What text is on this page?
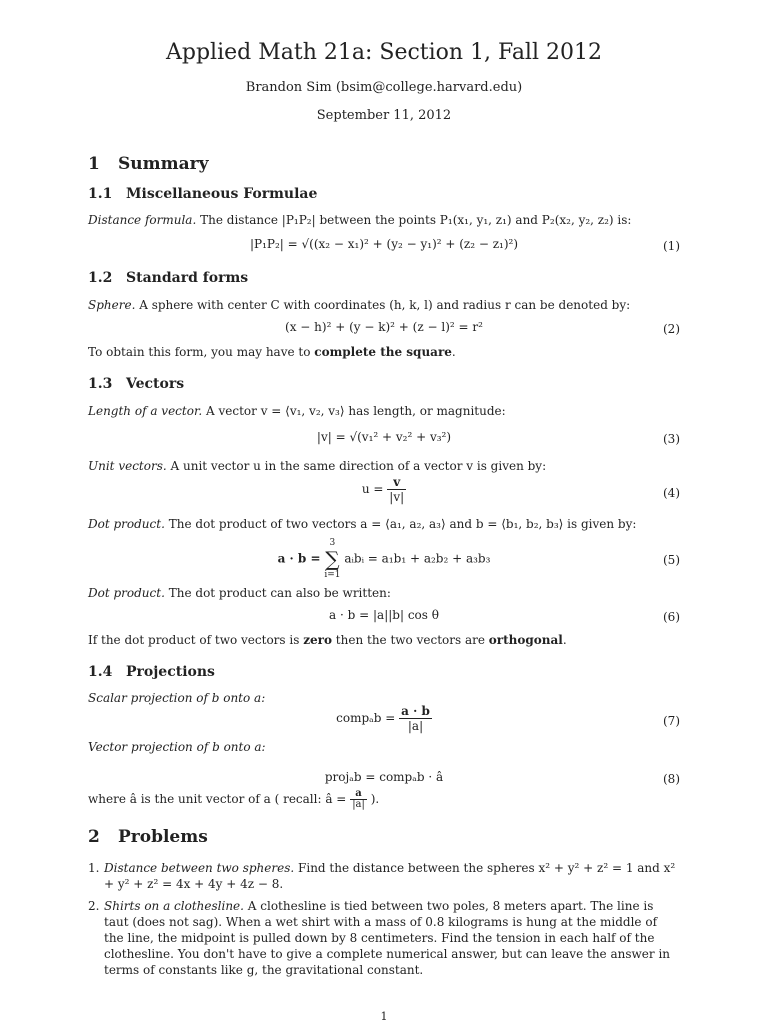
Applied Math 21a: Section 1, Fall 2012
Brandon Sim (bsim@college.harvard.edu)
September 11, 2012
1 Summary
1.1 Miscellaneous Formulae
Distance formula. The distance |P₁P₂| between the points P₁(x₁, y₁, z₁) and P₂(x₂, y₂, z₂) is:
|P₁P₂| = √((x₂ − x₁)² + (y₂ − y₁)² + (z₂ − z₁)²)	(1)
1.2 Standard forms
Sphere. A sphere with center C with coordinates (h, k, l) and radius r can be denoted by:
(x − h)² + (y − k)² + (z − l)² = r²	(2)
To obtain this form, you may have to complete the square.
1.3 Vectors
Length of a vector. A vector v = ⟨v₁, v₂, v₃⟩ has length, or magnitude:
|v| = √(v₁² + v₂² + v₃²)	(3)
Unit vectors. A unit vector u in the same direction of a vector v is given by:
$u = \frac{v}{|v|}$	(4)
Dot product. The dot product of two vectors a = ⟨a₁, a₂, a₃⟩ and b = ⟨b₁, b₂, b₃⟩ is given by:
a · b =
3
∑
i=1
aᵢbᵢ = a₁b₁ + a₂b₂ + a₃b₃	(5)
Dot product. The dot product can also be written:
a · b = |a||b| cos θ	(6)
If the dot product of two vectors is zero then the two vectors are orthogonal.
1.4 Projections
Scalar projection of b onto a:
compₐb = $\frac{a \cdot b}{|a|}$	(7)
Vector projection of b onto a:
projₐb = compₐb · â	(8)
where â is the unit vector of a ( recall: â = $\frac{a}{|a|}$ ).
2 Problems
1. Distance between two spheres. Find the distance between the spheres x² + y² + z² = 1 and x² + y² + z² = 4x + 4y + 4z − 8.
2. Shirts on a clothesline. A clothesline is tied between two poles, 8 meters apart. The line is taut (does not sag). When a wet shirt with a mass of 0.8 kilograms is hung at the middle of the line, the midpoint is pulled down by 8 centimeters. Find the tension in each half of the clothesline. You don't have to give a complete numerical answer, but can leave the answer in terms of constants like g, the gravitational constant.
1
